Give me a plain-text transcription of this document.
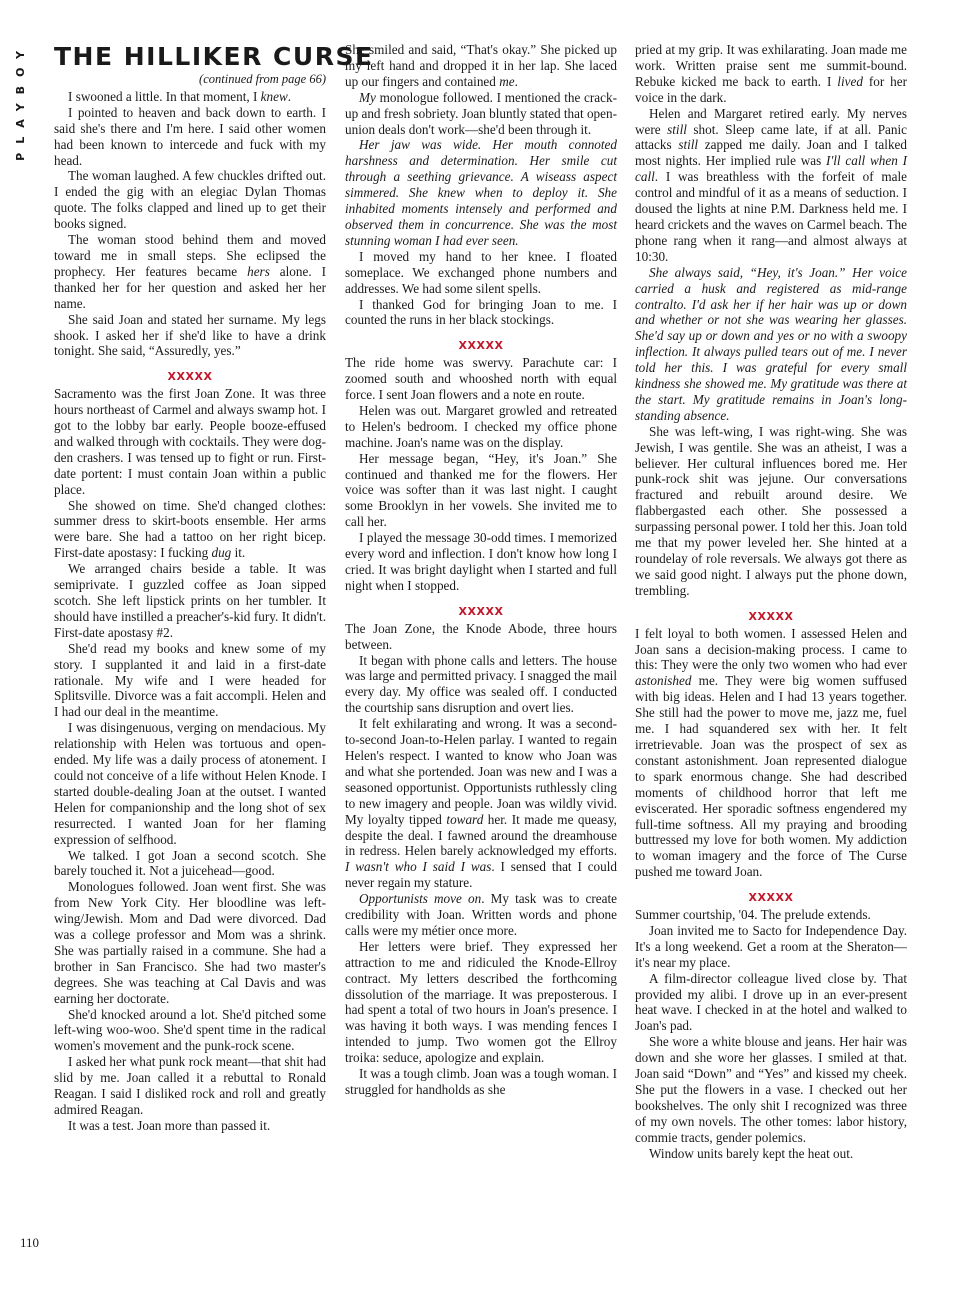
PLAYBOY
110
THE HILLIKER CURSE
(continued from page 66)

I swooned a little. In that moment, I knew.

I pointed to heaven and back down to earth. I said she's there and I'm here. I said other women had been known to intercede and fuck with my head.

The woman laughed. A few chuckles drifted out. I ended the gig with an elegiac Dylan Thomas quote. The folks clapped and lined up to get their books signed.

The woman stood behind them and moved toward me in small steps. She eclipsed the prophecy. Her features became hers alone. I thanked her for her question and asked her her name.

She said Joan and stated her surname. My legs shook. I asked her if she'd like to have a drink tonight. She said, “Assuredly, yes.”

XXXXX

Sacramento was the first Joan Zone. It was three hours northeast of Carmel and always swamp hot. I got to the lobby bar early. People booze-effused and walked through with cocktails. They were dog-den crashers. I was tensed up to fight or run. First-date portent: I must contain Joan within a public place.

She showed on time. She'd changed clothes: summer dress to skirt-boots ensemble. Her arms were bare. She had a tattoo on her right bicep. First-date apostasy: I fucking dug it.

We arranged chairs beside a table. It was semiprivate. I guzzled coffee as Joan sipped scotch. She left lipstick prints on her tumbler. It should have instilled a preacher's-kid fury. It didn't. First-date apostasy #2.

She'd read my books and knew some of my story. I supplanted it and laid in a first-date rationale. My wife and I were headed for Splitsville. Divorce was a fait accompli. Helen and I had our deal in the meantime.

I was disingenuous, verging on mendacious. My relationship with Helen was tortuous and open-ended. My life was a daily process of atonement. I could not conceive of a life without Helen Knode. I started double-dealing Joan at the outset. I wanted Helen for companionship and the long shot of sex resurrected. I wanted Joan for her flaming expression of selfhood.

We talked. I got Joan a second scotch. She barely touched it. Not a juicehead—good.

Monologues followed. Joan went first. She was from New York City. Her bloodline was left-wing/Jewish. Mom and Dad were divorced. Dad was a college professor and Mom was a shrink. She was partially raised in a commune. She had a brother in San Francisco. She had two master's degrees. She was teaching at Cal Davis and was earning her doctorate.

She'd knocked around a lot. She'd pitched some left-wing woo-woo. She'd spent time in the radical women's movement and the punk-rock scene.

I asked her what punk rock meant—that shit had slid by me. Joan called it a rebuttal to Ronald Reagan. I said I disliked rock and roll and greatly admired Reagan.

It was a test. Joan more than passed it.

She smiled and said, “That's okay.” She picked up my left hand and dropped it in her lap. She laced up our fingers and contained me.

My monologue followed. I mentioned the crack-up and fresh sobriety. Joan bluntly stated that open-union deals don't work—she'd been through it.

Her jaw was wide. Her mouth connoted harshness and determination. Her smile cut through a seething grievance. A wiseass aspect simmered. She knew when to deploy it. She inhabited moments intensely and performed and observed them in concurrence. She was the most stunning woman I had ever seen.

I moved my hand to her knee. I floated someplace. We exchanged phone numbers and addresses. We had some silent spells.

I thanked God for bringing Joan to me. I counted the runs in her black stockings.

XXXXX

The ride home was swervy. Parachute car: I zoomed south and whooshed north with equal force. I sent Joan flowers and a note en route.

Helen was out. Margaret growled and retreated to Helen's bedroom. I checked my office phone machine. Joan's name was on the display.

Her message began, “Hey, it's Joan.” She continued and thanked me for the flowers. Her voice was softer than it was last night. I caught some Brooklyn in her vowels. She invited me to call her.

I played the message 30-odd times. I memorized every word and inflection. I don't know how long I cried. It was bright daylight when I started and full night when I stopped.

XXXXX

The Joan Zone, the Knode Abode, three hours between.

It began with phone calls and letters. The house was large and permitted privacy. I snagged the mail every day. My office was sealed off. I conducted the courtship sans disruption and overt lies.

It felt exhilarating and wrong. It was a second-to-second Joan-to-Helen parlay. I wanted to regain Helen's respect. I wanted to know who Joan was and what she portended. Joan was new and I was a seasoned opportunist. Opportunists ruthlessly cling to new imagery and people. Joan was wildly vivid. My loyalty tipped toward her. It made me queasy, despite the deal. I fawned around the dreamhouse in redress. Helen barely acknowledged my efforts. I wasn't who I said I was. I sensed that I could never regain my stature.

Opportunists move on. My task was to create credibility with Joan. Written words and phone calls were my métier once more.

Her letters were brief. They expressed her attraction to me and ridiculed the Knode-Ellroy contract. My letters described the forthcoming dissolution of the marriage. It was preposterous. I had spent a total of two hours in Joan's presence. I was having it both ways. I was mending fences I intended to jump. Two women got the Ellroy troika: seduce, apologize and explain.

It was a tough climb. Joan was a tough woman. I struggled for handholds as she

pried at my grip. It was exhilarating. Joan made me work. Written praise sent me summit-bound. Rebuke kicked me back to earth. I lived for her voice in the dark.

Helen and Margaret retired early. My nerves were still shot. Sleep came late, if at all. Panic attacks still zapped me daily. Joan and I talked most nights. Her implied rule was I'll call when I call. I was breathless with the forfeit of male control and mindful of it as a means of seduction. I doused the lights at nine P.M. Darkness held me. I heard crickets and the waves on Carmel beach. The phone rang when it rang—and almost always at 10:30.

She always said, “Hey, it's Joan.” Her voice carried a husk and registered as mid-range contralto. I'd ask her if her hair was up or down and whether or not she was wearing her glasses. She'd say up or down and yes or no with a swoopy inflection. It always pulled tears out of me. I never told her this. I was grateful for every small kindness she showed me. My gratitude was there at the start. My gratitude remains in Joan's long-standing absence.

She was left-wing, I was right-wing. She was Jewish, I was gentile. She was an atheist, I was a believer. Her cultural influences bored me. Her punk-rock shit was jejune. Our conversations fractured and rebuilt around desire. We flabbergasted each other. She possessed a surpassing personal power. I told her this. Joan told me that my power leveled her. She hinted at a roundelay of role reversals. We always got there as we said good night. I always put the phone down, trembling.

XXXXX

I felt loyal to both women. I assessed Helen and Joan sans a decision-making process. I came to this: They were the only two women who had ever astonished me. They were big women suffused with big ideas. Helen and I had 13 years together. She still had the power to move me, jazz me, fuel me. I had squandered sex with her. It felt irretrievable. Joan was the prospect of sex as constant astonishment. Joan represented dialogue to spark enormous change. She had described moments of childhood horror that left me eviscerated. Her sporadic softness engendered my full-time softness. All my praying and brooding buttressed my love for both women. My addiction to woman imagery and the force of The Curse pushed me toward Joan.

XXXXX

Summer courtship, '04. The prelude extends.

Joan invited me to Sacto for Independence Day. It's a long weekend. Get a room at the Sheraton—it's near my place.

A film-director colleague lived close by. That provided my alibi. I drove up in an ever-present heat wave. I checked in at the hotel and walked to Joan's pad.

She wore a white blouse and jeans. Her hair was down and she wore her glasses. I smiled at that. Joan said “Down” and “Yes” and kissed my cheek. She put the flowers in a vase. I checked out her bookshelves. The only shit I recognized was three of my own novels. The other tomes: labor history, commie tracts, gender polemics.

Window units barely kept the heat out.
